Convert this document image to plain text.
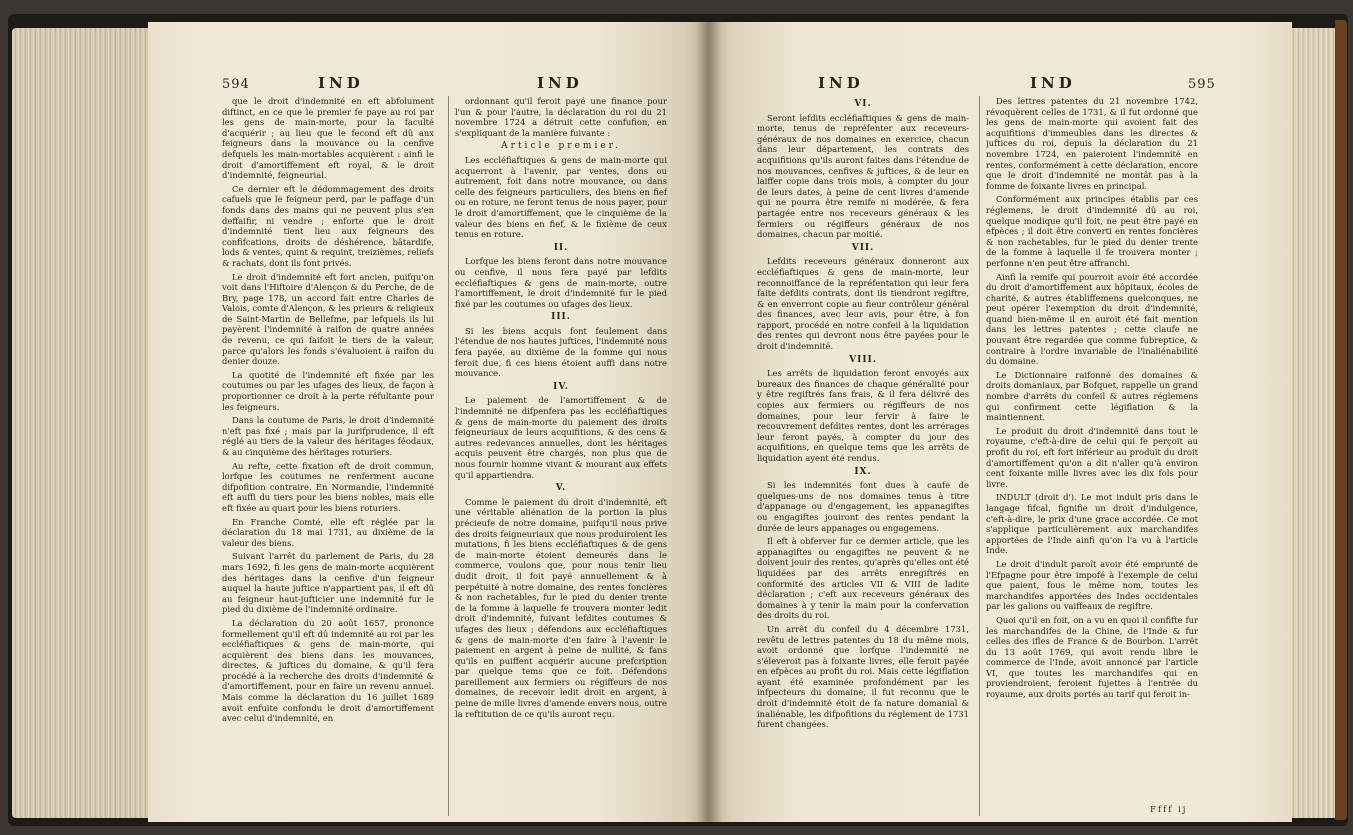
594	IND	IND

que le droit d'indemnité en eft abfolument diftinct, en ce que le premier fe paye au roi par les gens de main-morte, pour la faculté d'acquérir ; au lieu que le fecond eft dû aux feigneurs dans la mouvance ou la cenfive defquels les main-mortables acquièrent : ainfi le droit d'amortiffement eft royal, & le droit d'indemnité, feigneurial.

Ce dernier eft le dédommagement des droits cafuels que le feigneur perd, par le paffage d'un fonds dans des mains qui ne peuvent plus s'en deffaifir, ni vendre ; enforte que le droit d'indemnité tient lieu aux feigneurs des confifcations, droits de déshérence, bâtardife, lods & ventes, quint & requint, treizièmes, reliefs & rachats, dont ils font privés.

Le droit d'indemnité eft fort ancien, puifqu'on voit dans l'Hiftoire d'Alençon & du Perche, de de Bry, page 178, un accord fait entre Charles de Valois, comte d'Alençon, & les prieurs & religieux de Saint-Martin de Bellefme, par lefquels ils lui payèrent l'indemnité à raifon de quatre années de revenu, ce qui faifoit le tiers de la valeur, parce qu'alors les fonds s'évaluoient à raifon du denier douze.

La quotité de l'indemnité eft fixée par les coutumes ou par les ufages des lieux, de façon à proportionner ce droit à la perte réfultante pour les feigneurs.

Dans la coutume de Paris, le droit d'indemnité n'eft pas fixé ; mais par la jurifprudence, il eft réglé au tiers de la valeur des héritages féodaux, & au cinquième des héritages roturiers.

Au refte, cette fixation eft de droit commun, lorfque les coutumes ne renferment aucune difpofition contraire. En Normandie, l'indemnité eft auffi du tiers pour les biens nobles, mais elle eft fixée au quart pour les biens roturiers.

En Franche Comté, elle eft réglée par la déclaration du 18 mai 1731, au dixième de la valeur des biens.

Suivant l'arrêt du parlement de Paris, du 28 mars 1692, fi les gens de main-morte acquièrent des héritages dans la cenfive d'un feigneur auquel la haute juftice n'appartient pas, il eft dû au feigneur haut-jufticier une indemnité fur le pied du dixième de l'indemnité ordinaire.

La déclaration du 20 août 1657, prononce formellement qu'il eft dû indemnité au roi par les eccléfiaftiques & gens de main-morte, qui acquièrent des biens dans les mouvances, directes, & juftices du domaine, & qu'il fera procédé à la recherche des droits d'indemnité & d'amortiffement, pour en faire un revenu annuel. Mais comme la déclaration du 16 juillet 1689 avoit enfuite confondu le droit d'amortiffement avec celui d'indemnité, en

ordonnant qu'il feroit payé une finance pour l'un & pour l'autre, la déclaration du roi du 21 novembre 1724 a détruit cette confufion, en s'expliquant de la manière fuivante :

Article premier.

Les eccléfiaftiques & gens de main-morte qui acquerront à l'avenir, par ventes, dons ou autrement, foit dans notre mouvance, ou dans celle des feigneurs particuliers, des biens en fief ou en roture, ne feront tenus de nous payer, pour le droit d'amortiffement, que le cinquième de la valeur des biens en fief, & le fixième de ceux tenus en roture.

II.

Lorfque les biens feront dans notre mouvance ou cenfive, il nous fera payé par lefdits eccléfiaftiques & gens de main-morte, outre l'amortiffement, le droit d'indemnité fur le pied fixé par les coutumes ou ufages des lieux.

III.

Si les biens acquis font feulement dans l'étendue de nos hautes juftices, l'indemnité nous fera payée, au dixième de la fomme qui nous feroit due, fi ces biens étoient auffi dans notre mouvance.

IV.

Le paiement de l'amortiffement & de l'indemnité ne difpenfera pas les eccléfiaftiques & gens de main-morte du paiement des droits feigneuriaux de leurs acquifitions, & des cens & autres redevances annuelles, dont les héritages acquis peuvent être chargés, non plus que de nous fournir homme vivant & mourant aux effets qu'il appartiendra.

V.

Comme le paiement du droit d'indemnité, eft une véritable aliénation de la portion la plus précieufe de notre domaine, puifqu'il nous prive des droits feigneuriaux que nous produiroient les mutations, fi les biens eccléfiaftiques & de gens de main-morte étoient demeurés dans le commerce, voulons que, pour nous tenir lieu dudit droit, il foit payé annuellement & à perpétuité à notre domaine, des rentes foncières & non rachetables, fur le pied du denier trente de la fomme à laquelle fe trouvera monter ledit droit d'indemnité, fuivant lefdites coutumes & ufages des lieux ; défendons aux eccléfiaftiques & gens de main-morte d'en faire à l'avenir le paiement en argent à peine de nullité, & fans qu'ils en puiffent acquérir aucune prefcription par quelque tems que ce foit. Défendons pareillement aux fermiers ou régiffeurs de nos domaines, de recevoir ledit droit en argent, à peine de mille livres d'amende envers nous, outre la reftitution de ce qu'ils auront reçu.

IND	IND	595
VI.

Seront lefdits eccléfiaftiques & gens de main-morte, tenus de repréfenter aux receveurs-généraux de nos domaines en exercice, chacun dans leur département, les contrats des acquifitions qu'ils auront faites dans l'étendue de nos mouvances, cenfives & juftices, & de leur en laiffer copie dans trois mois, à compter du jour de leurs dates, à peine de cent livres d'amende qui ne pourra être remife ni modérée, & fera partagée entre nos receveurs généraux & les fermiers ou régiffeurs généraux de nos domaines, chacun par moitié.

VII.

Lefdits receveurs généraux donneront aux eccléfiaftiques & gens de main-morte, leur reconnoiffance de la repréfentation qui leur fera faite defdits contrats, dont ils tiendront regiftre, & en enverront copie au fieur contrôleur général des finances, avec leur avis, pour être, à fon rapport, procédé en notre confeil à la liquidation des rentes qui devront nous être payées pour le droit d'indemnité.

VIII.

Les arrêts de liquidation feront envoyés aux bureaux des finances de chaque généralité pour y être regiftrés fans frais, & il fera délivré des copies aux fermiers ou régiffeurs de nos domaines, pour leur fervir à faire le recouvrement defdites rentes, dont les arrérages leur feront payés, à compter du jour des acquifitions, en quelque tems que les arrêts de liquidation ayent été rendus.

IX.

Si les indemnités font dues à caufe de quelques-uns de nos domaines tenus à titre d'appanage ou d'engagement, les appanagiftes ou engagiftes jouiront des rentes pendant la durée de leurs appanages ou engagemens.

Il eft à obferver fur ce dernier article, que les appanagiftes ou engagiftes ne peuvent & ne doivent jouir des rentes, qu'après qu'elles ont été liquidées par des arrêts enregiftrés en conformité des articles VII & VIII de ladite déclaration ; c'eft aux receveurs généraux des domaines à y tenir la main pour la confervation des droits du roi.

Un arrêt du confeil du 4 décembre 1731, revêtu de lettres patentes du 18 du même mois, avoit ordonné que lorfque l'indemnité ne s'éleveroit pas à foixante livres, elle feroit payée en efpèces au profit du roi. Mais cette légiflation ayant été examinée profondément par les infpecteurs du domaine, il fut reconnu que le droit d'indemnité étoit de fa nature domanial & inaliénable, les difpofitions du réglement de 1731 furent changées.

Des lettres patentes du 21 novembre 1742, révoquèrent celles de 1731, & il fut ordonné que les gens de main-morte qui avoient fait des acquifitions d'immeubles dans les directes & juftices du roi, depuis la déclaration du 21 novembre 1724, en paieroient l'indemnité en rentes, conformément à cette déclaration, encore que le droit d'indemnité ne montât pas à la fomme de foixante livres en principal.

Conformément aux principes établis par ces réglemens, le droit d'indemnité dû au roi, quelque modique qu'il foit, ne peut être payé en efpèces ; il doit être converti en rentes foncières & non rachetables, fur le pied du denier trente de la fomme à laquelle il fe trouvera monter ; perfonne n'en peut être affranchi.

Ainfi la remife qui pourroit avoir été accordée du droit d'amortiffement aux hôpitaux, écoles de charité, & autres établiffemens quelconques, ne peut opérer l'exemption du droit d'indemnité, quand bien-même il en auroit été fait mention dans les lettres patentes ; cette claufe ne pouvant être regardée que comme fubreptice, & contraire à l'ordre invariable de l'inaliénabilité du domaine.

Le Dictionnaire raifonné des domaines & droits domaniaux, par Bofquet, rappelle un grand nombre d'arrêts du confeil & autres réglemens qui confirment cette légiflation & la maintiennent.

Le produit du droit d'indemnité dans tout le royaume, c'eft-à-dire de celui qui fe perçoit au profit du roi, eft fort inférieur au produit du droit d'amortiffement qu'on a dit n'aller qu'à environ cent foixante mille livres avec les dix fols pour livre.

INDULT (droit d'). Le mot indult pris dans le langage fifcal, fignifie un droit d'indulgence, c'eft-à-dire, le prix d'une grace accordée. Ce mot s'applique particulièrement aux marchandifes apportées de l'Inde ainfi qu'on l'a vu à l'article Inde.

Le droit d'indult paroît avoir été emprunté de l'Efpagne pour être impofé à l'exemple de celui que paient, fous le même nom, toutes les marchandifes apportées des Indes occidentales par les galions ou vaiffeaux de regiftre.

Quoi qu'il en foit, on a vu en quoi il confifte fur les marchandifes de la Chine, de l'Inde & fur celles des ifles de France & de Bourbon. L'arrêt du 13 août 1769, qui avoit rendu libre le commerce de l'Inde, avoit annoncé par l'article VI, que toutes les marchandifes qui en proviendroient, feroient fujettes à l'entrée du royaume, aux droits portés au tarif qui feroit in-

Ffff ij
